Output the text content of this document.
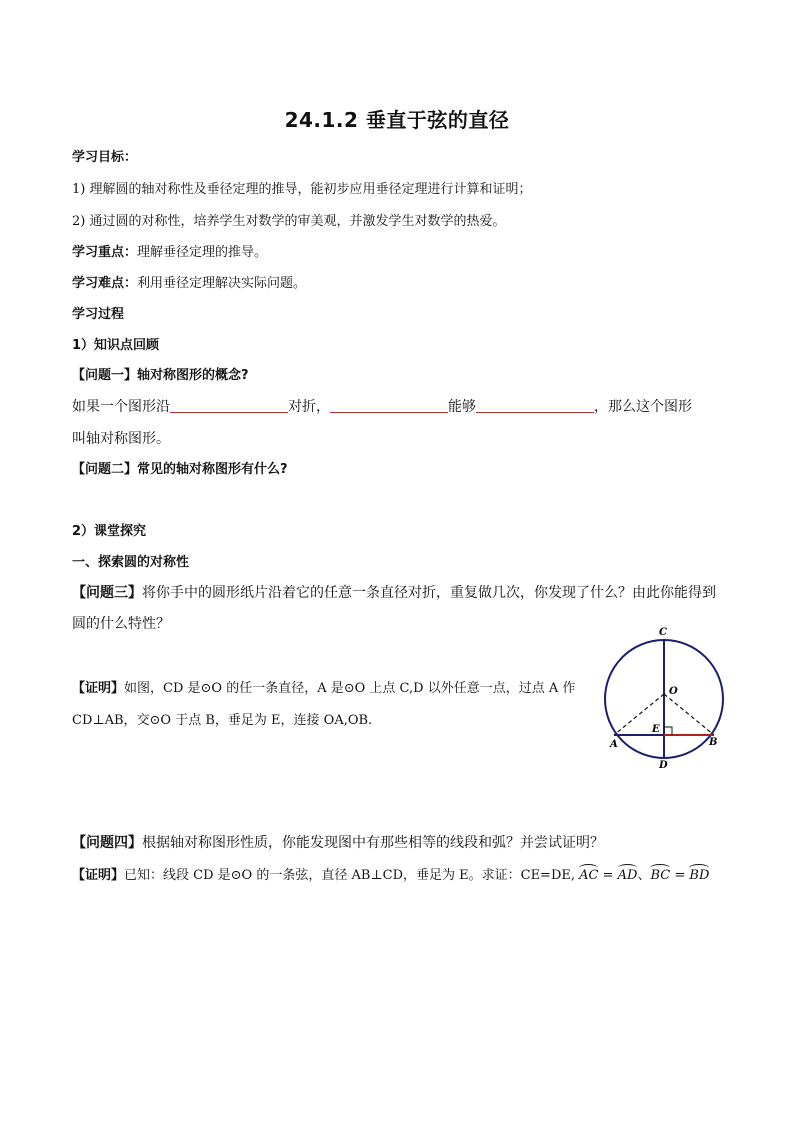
24.1.2 垂直于弦的直径
学习目标：
1) 理解圆的轴对称性及垂径定理的推导，能初步应用垂径定理进行计算和证明；
2) 通过圆的对称性，培养学生对数学的审美观，并激发学生对数学的热爱。
学习重点：理解垂径定理的推导。
学习难点：利用垂径定理解决实际问题。
学习过程
1）知识点回顾
【问题一】轴对称图形的概念?
如果一个图形沿	对折，	能够	，那么这个图形
叫轴对称图形。
【问题二】常见的轴对称图形有什么?
2）课堂探究
一、探索圆的对称性
【问题三】将你手中的圆形纸片沿着它的任意一条直径对折，重复做几次，你发现了什么？由此你能得到
圆的什么特性？
【证明】如图，CD 是⊙O 的任一条直径，A 是⊙O 上点 C,D 以外任意一点，过点 A 作
CD⊥AB，交⊙O 于点 B，垂足为 E，连接 OA,OB.
C
O
E
A	B
D
【问题四】根据轴对称图形性质，你能发现图中有那些相等的线段和弧？并尝试证明？
【证明】已知：线段 CD 是⊙O 的一条弦，直径 AB⊥CD，垂足为 E。求证：CE=DE, AC = AD、BC = BD
